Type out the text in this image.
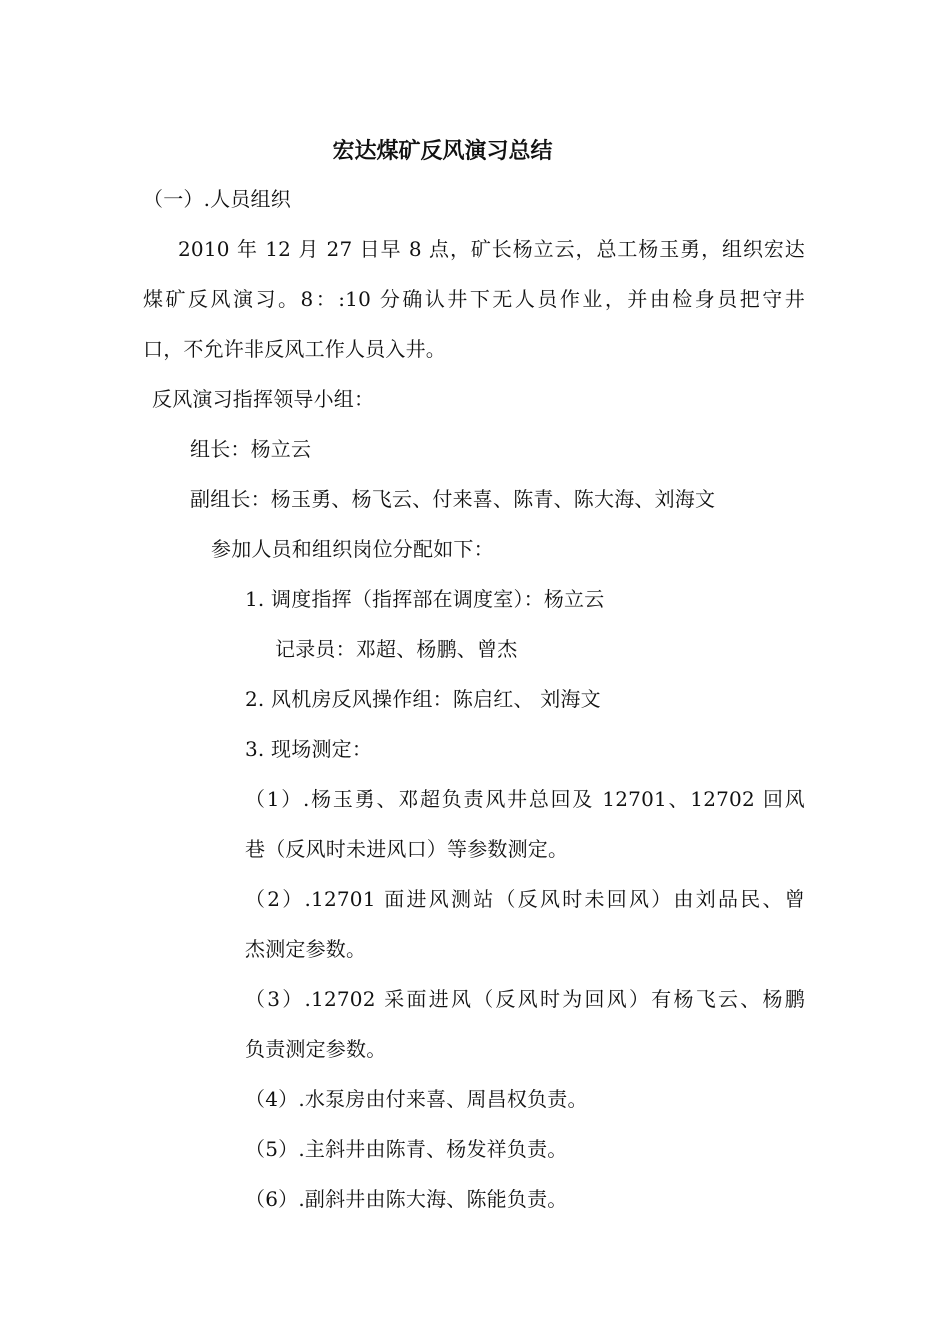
宏达煤矿反风演习总结
（一）.人员组织
2010 年 12 月 27 日早 8 点，矿长杨立云，总工杨玉勇，组织宏达
煤矿反风演习。8：:10 分确认井下无人员作业，并由检身员把守井
口，不允许非反风工作人员入井。
反风演习指挥领导小组：
组长：杨立云
副组长：杨玉勇、杨飞云、付来喜、陈青、陈大海、刘海文
参加人员和组织岗位分配如下：
1. 调度指挥（指挥部在调度室）：杨立云
记录员：邓超、杨鹏、曾杰
2. 风机房反风操作组：陈启红、 刘海文
3. 现场测定：
（1）.杨玉勇、邓超负责风井总回及 12701、12702 回风
巷（反风时未进风口）等参数测定。
（2）.12701 面进风测站（反风时未回风）由刘品民、曾
杰测定参数。
（3）.12702 采面进风（反风时为回风）有杨飞云、杨鹏
负责测定参数。
（4）.水泵房由付来喜、周昌权负责。
（5）.主斜井由陈青、杨发祥负责。
（6）.副斜井由陈大海、陈能负责。
